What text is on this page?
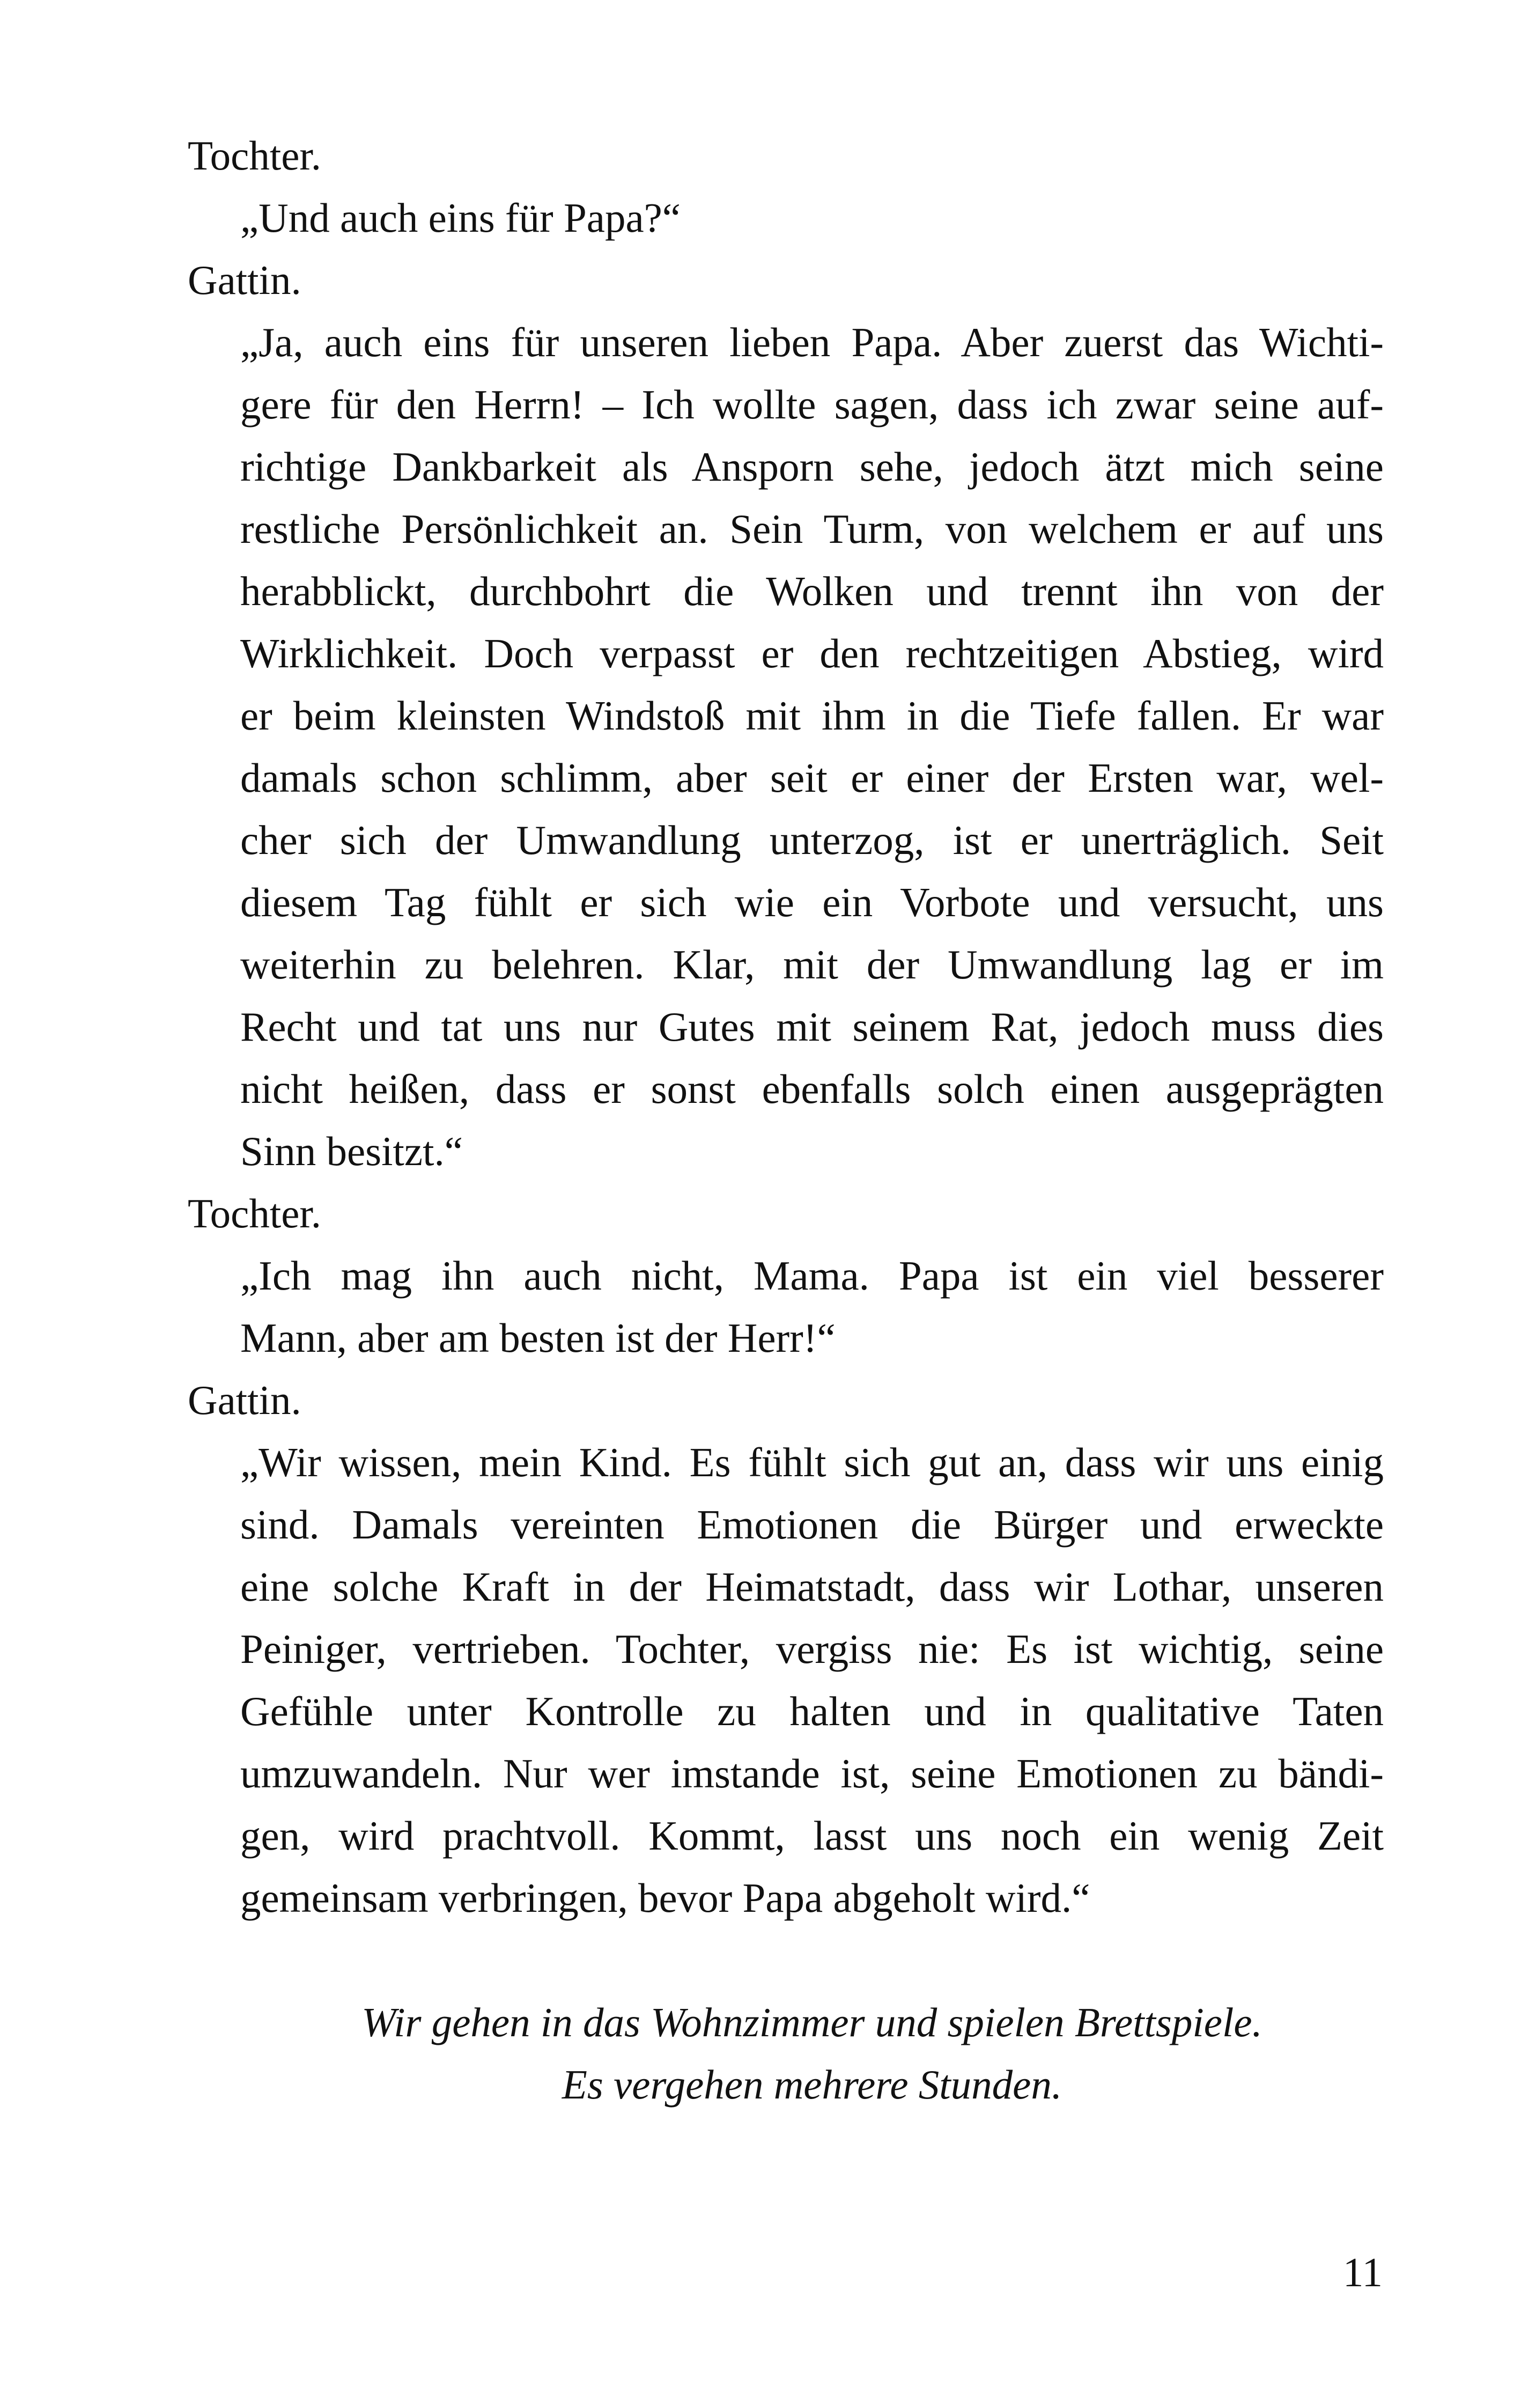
Tochter.
„Und auch eins für Papa?“
Gattin.
„Ja, auch eins für unseren lieben Papa. Aber zuerst das Wichti-
gere für den Herrn! – Ich wollte sagen, dass ich zwar seine auf-
richtige Dankbarkeit als Ansporn sehe, jedoch ätzt mich seine
restliche Persönlichkeit an. Sein Turm, von welchem er auf uns
herabblickt, durchbohrt die Wolken und trennt ihn von der
Wirklichkeit. Doch verpasst er den rechtzeitigen Abstieg, wird
er beim kleinsten Windstoß mit ihm in die Tiefe fallen. Er war
damals schon schlimm, aber seit er einer der Ersten war, wel-
cher sich der Umwandlung unterzog, ist er unerträglich. Seit
diesem Tag fühlt er sich wie ein Vorbote und versucht, uns
weiterhin zu belehren. Klar, mit der Umwandlung lag er im
Recht und tat uns nur Gutes mit seinem Rat, jedoch muss dies
nicht heißen, dass er sonst ebenfalls solch einen ausgeprägten
Sinn besitzt.“
Tochter.
„Ich mag ihn auch nicht, Mama. Papa ist ein viel besserer
Mann, aber am besten ist der Herr!“
Gattin.
„Wir wissen, mein Kind. Es fühlt sich gut an, dass wir uns einig
sind. Damals vereinten Emotionen die Bürger und erweckte
eine solche Kraft in der Heimatstadt, dass wir Lothar, unseren
Peiniger, vertrieben. Tochter, vergiss nie: Es ist wichtig, seine
Gefühle unter Kontrolle zu halten und in qualitative Taten
umzuwandeln. Nur wer imstande ist, seine Emotionen zu bändi-
gen, wird prachtvoll. Kommt, lasst uns noch ein wenig Zeit
gemeinsam verbringen, bevor Papa abgeholt wird.“
Wir gehen in das Wohnzimmer und spielen Brettspiele.
Es vergehen mehrere Stunden.
11
